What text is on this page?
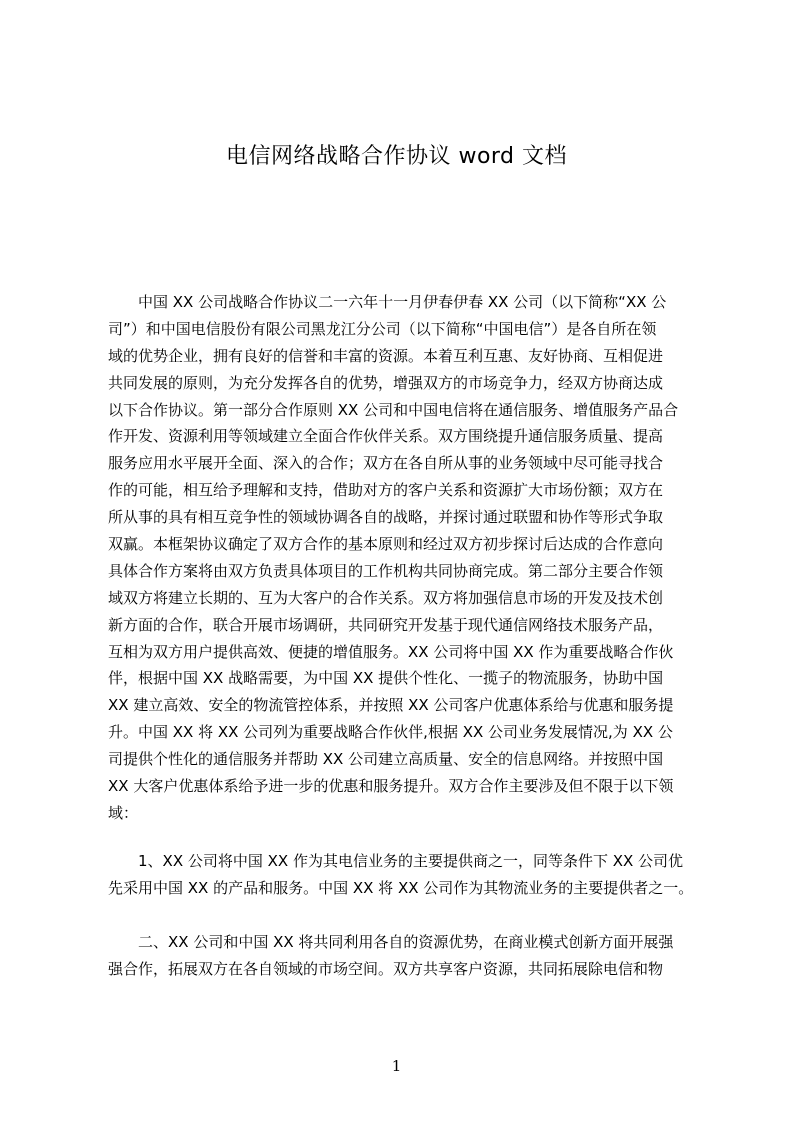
电信网络战略合作协议 word 文档
中国 XX 公司战略合作协议二一六年十一月伊春伊春 XX 公司（以下简称“XX 公
司”）和中国电信股份有限公司黑龙江分公司（以下简称“中国电信”）是各自所在领
域的优势企业，拥有良好的信誉和丰富的资源。本着互利互惠、友好协商、互相促进
共同发展的原则，为充分发挥各自的优势，增强双方的市场竞争力，经双方协商达成
以下合作协议。第一部分合作原则 XX 公司和中国电信将在通信服务、增值服务产品合
作开发、资源利用等领域建立全面合作伙伴关系。双方围绕提升通信服务质量、提高
服务应用水平展开全面、深入的合作；双方在各自所从事的业务领域中尽可能寻找合
作的可能，相互给予理解和支持，借助对方的客户关系和资源扩大市场份额；双方在
所从事的具有相互竞争性的领域协调各自的战略，并探讨通过联盟和协作等形式争取
双赢。本框架协议确定了双方合作的基本原则和经过双方初步探讨后达成的合作意向
具体合作方案将由双方负责具体项目的工作机构共同协商完成。第二部分主要合作领
域双方将建立长期的、互为大客户的合作关系。双方将加强信息市场的开发及技术创
新方面的合作，联合开展市场调研，共同研究开发基于现代通信网络技术服务产品，
互相为双方用户提供高效、便捷的增值服务。XX 公司将中国 XX 作为重要战略合作伙
伴，根据中国 XX 战略需要，为中国 XX 提供个性化、一揽子的物流服务，协助中国
XX 建立高效、安全的物流管控体系，并按照 XX 公司客户优惠体系给与优惠和服务提
升。中国 XX 将 XX 公司列为重要战略合作伙伴,根据 XX 公司业务发展情况,为 XX 公
司提供个性化的通信服务并帮助 XX 公司建立高质量、安全的信息网络。并按照中国
XX 大客户优惠体系给予进一步的优惠和服务提升。双方合作主要涉及但不限于以下领
域：
1、XX 公司将中国 XX 作为其电信业务的主要提供商之一，同等条件下 XX 公司优
先采用中国 XX 的产品和服务。中国 XX 将 XX 公司作为其物流业务的主要提供者之一。
二、XX 公司和中国 XX 将共同利用各自的资源优势，在商业模式创新方面开展强
强合作，拓展双方在各自领域的市场空间。双方共享客户资源，共同拓展除电信和物
1
